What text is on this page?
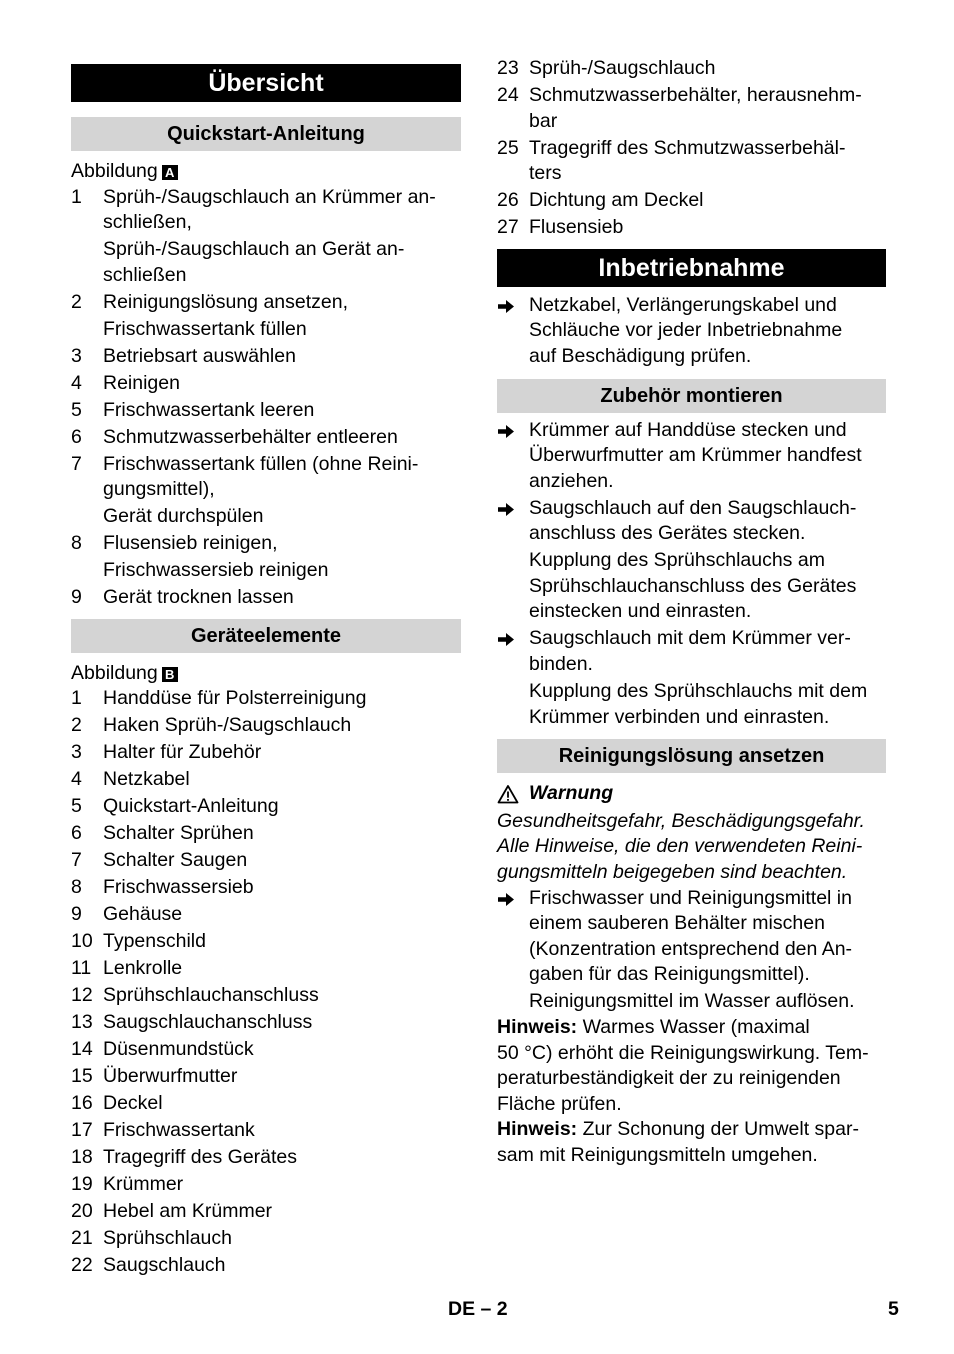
Übersicht
Quickstart-Anleitung
Abbildung A
1	Sprüh-/Saugschlauch an Krümmer an-
schließen,
Sprüh-/Saugschlauch an Gerät an-
schließen
2	Reinigungslösung ansetzen,
Frischwassertank füllen
3	Betriebsart auswählen
4	Reinigen
5	Frischwassertank leeren
6	Schmutzwasserbehälter entleeren
7	Frischwassertank füllen (ohne Reini-
gungsmittel),
Gerät durchspülen
8	Flusensieb reinigen,
Frischwassersieb reinigen
9	Gerät trocknen lassen
Geräteelemente
Abbildung B
1	Handdüse für Polsterreinigung
2	Haken Sprüh-/Saugschlauch
3	Halter für Zubehör
4	Netzkabel
5	Quickstart-Anleitung
6	Schalter Sprühen
7	Schalter Saugen
8	Frischwassersieb
9	Gehäuse
10 Typenschild
11 Lenkrolle
12 Sprühschlauchanschluss
13 Saugschlauchanschluss
14 Düsenmundstück
15 Überwurfmutter
16 Deckel
17 Frischwassertank
18 Tragegriff des Gerätes
19 Krümmer
20 Hebel am Krümmer
21 Sprühschlauch
22 Saugschlauch
23 Sprüh-/Saugschlauch
24 Schmutzwasserbehälter, herausnehm-
bar
25 Tragegriff des Schmutzwasserbehäl-
ters
26 Dichtung am Deckel
27 Flusensieb
Inbetriebnahme
Netzkabel, Verlängerungskabel und
Schläuche vor jeder Inbetriebnahme
auf Beschädigung prüfen.
Zubehör montieren
Krümmer auf Handdüse stecken und
Überwurfmutter am Krümmer handfest
anziehen.
Saugschlauch auf den Saugschlauch-
anschluss des Gerätes stecken.
Kupplung des Sprühschlauchs am
Sprühschlauchanschluss des Gerätes
einstecken und einrasten.
Saugschlauch mit dem Krümmer ver-
binden.
Kupplung des Sprühschlauchs mit dem
Krümmer verbinden und einrasten.
Reinigungslösung ansetzen
Warnung
Gesundheitsgefahr, Beschädigungsgefahr.
Alle Hinweise, die den verwendeten Reini-
gungsmitteln beigegeben sind beachten.
Frischwasser und Reinigungsmittel in
einem sauberen Behälter mischen
(Konzentration entsprechend den An-
gaben für das Reinigungsmittel).
Reinigungsmittel im Wasser auflösen.
Hinweis: Warmes Wasser (maximal
50 °C) erhöht die Reinigungswirkung. Tem-
peraturbeständigkeit der zu reinigenden
Fläche prüfen.
Hinweis: Zur Schonung der Umwelt spar-
sam mit Reinigungsmitteln umgehen.
DE – 2	5
